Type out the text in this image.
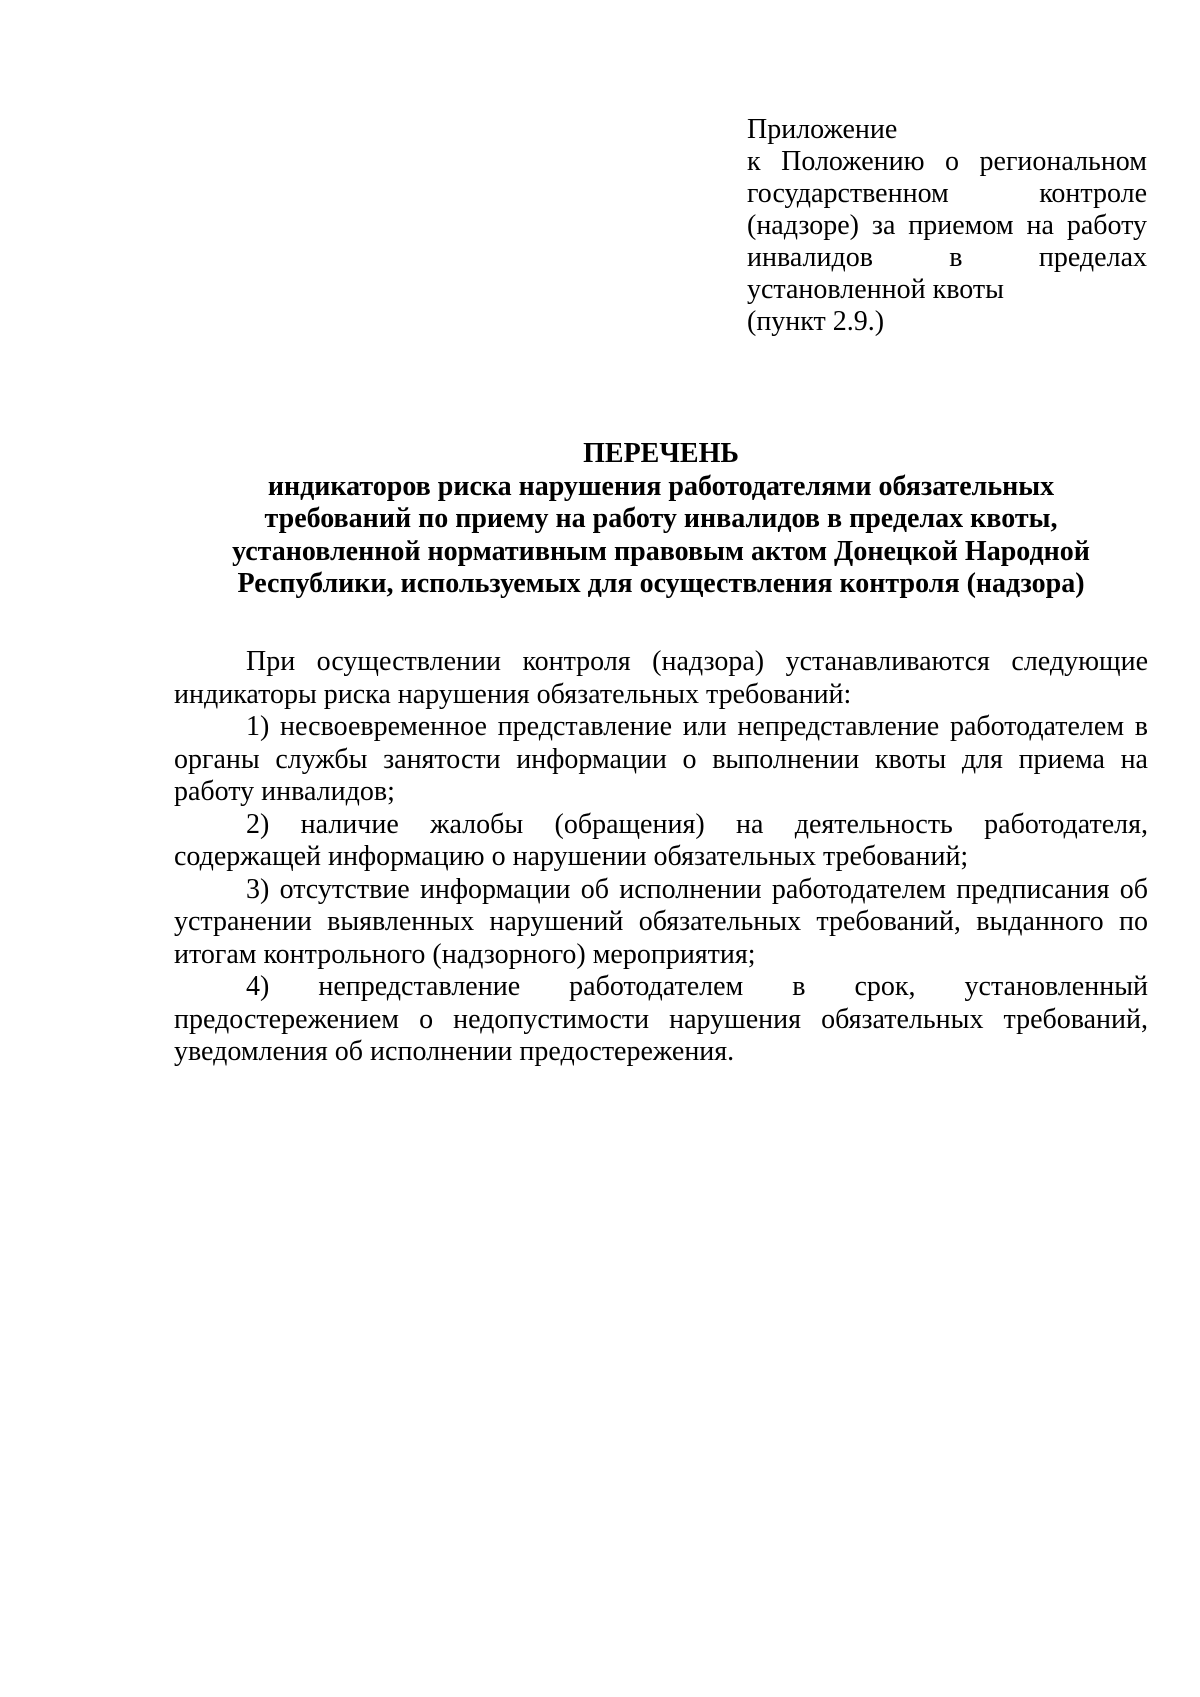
Приложение
к Положению о региональном государственном контроле (надзоре) за приемом на работу инвалидов в пределах установленной квоты
(пункт 2.9.)
ПЕРЕЧЕНЬ
индикаторов риска нарушения работодателями обязательных
требований по приему на работу инвалидов в пределах квоты,
установленной нормативным правовым актом Донецкой Народной
Республики, используемых для осуществления контроля (надзора)

При осуществлении контроля (надзора) устанавливаются следующие индикаторы риска нарушения обязательных требований:

1) несвоевременное представление или непредставление работодателем в органы службы занятости информации о выполнении квоты для приема на работу инвалидов;

2) наличие жалобы (обращения) на деятельность работодателя, содержащей информацию о нарушении обязательных требований;

3) отсутствие информации об исполнении работодателем предписания об устранении выявленных нарушений обязательных требований, выданного по итогам контрольного (надзорного) мероприятия;

4) непредставление работодателем в срок, установленный предостережением о недопустимости нарушения обязательных требований, уведомления об исполнении предостережения.
